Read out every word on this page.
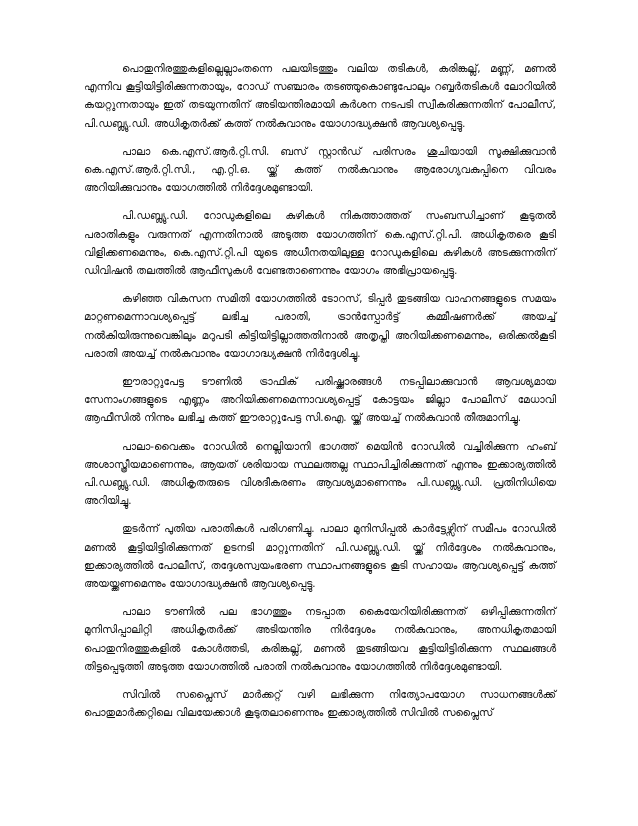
പൊതുനിരത്തുകളില്ലെല്ലാംതന്നെ പലയിടത്തും വലിയ തടികൾ, കരിങ്കല്ല്, മണ്ണ്, മണൽ എന്നിവ കൂട്ടിയിട്ടിരിക്കുന്നതായും, റോഡ് സഞ്ചാരം തടഞ്ഞുകൊണ്ടുപോലും റബ്ബർതടികൾ ലോറിയിൽ കയറ്റുന്നതായും ഇത് തടയുന്നതിന് അടിയന്തിരമായി കർശന നടപടി സ്വീകരിക്കുന്നതിന് പോലീസ്, പി.ഡബ്ല്യു.ഡി. അധികൃതർക്ക് കത്ത് നൽകുവാനും യോഗാദ്ധ്യക്ഷൻ ആവശ്യപ്പെട്ടു.

പാലാ കെ.എസ്.ആർ.റ്റി.സി. ബസ് സ്റ്റാൻഡ് പരിസരം ശുചിയായി സൂക്ഷിക്കുവാൻ കെ.എസ്.ആർ.റ്റി.സി., എ.റ്റി.ഒ. യ്ക്ക് കത്ത് നൽകുവാനും ആരോഗ്യവകുപ്പിനെ വിവരം അറിയിക്കുവാനും യോഗത്തിൽ നിർദ്ദേശമുണ്ടായി.

പി.ഡബ്ല്യു.ഡി. റോഡുകളിലെ കുഴികൾ നികത്താത്തത് സംബന്ധിച്ചാണ് കൂടുതൽ പരാതികളും വരുന്നത് എന്നതിനാൽ അടുത്ത യോഗത്തിന് കെ.എസ്.റ്റി.പി. അധികൃതരെ കൂടി വിളിക്കണമെന്നും, കെ.എസ്.റ്റി.പി യുടെ അധീനതയിലുള്ള റോഡുകളിലെ കുഴികൾ അടക്കുന്നതിന് ഡിവിഷൻ തലത്തിൽ ആഫീസുകൾ വേണ്ടതാണെന്നും യോഗം അഭിപ്രായപ്പെട്ടു.

കഴിഞ്ഞ വികസന സമിതി യോഗത്തിൽ ടോറസ്, ടിപ്പർ തുടങ്ങിയ വാഹനങ്ങളുടെ സമയം മാറ്റണമെന്നാവശ്യപ്പെട്ട് ലഭിച്ച പരാതി, ട്രാൻസ്പോർട്ട് കമ്മീഷണർക്ക് അയച്ച് നൽകിയിരുന്നുവെങ്കിലും മറുപടി കിട്ടിയിട്ടില്ലാത്തതിനാൽ അതൃപ്തി അറിയിക്കണമെന്നും, ഒരിക്കൽകൂടി പരാതി അയച്ച് നൽകുവാനും യോഗാദ്ധ്യക്ഷൻ നിർദ്ദേശിച്ചു.

ഈരാറ്റുപേട്ട ടൗണിൽ ട്രാഫിക് പരിഷ്ക്കാരങ്ങൾ നടപ്പിലാക്കുവാൻ ആവശ്യമായ സേനാംഗങ്ങളുടെ എണ്ണം അറിയിക്കണമെന്നാവശ്യപ്പെട്ട് കോട്ടയം ജില്ലാ പോലീസ് മേധാവി ആഫീസിൽ നിന്നും ലഭിച്ച കത്ത് ഈരാറ്റുപേട്ട സി.ഐ. യ്ക്ക് അയച്ച് നൽകുവാൻ തീരുമാനിച്ചു.

പാലാ-വൈക്കം റോഡിൽ നെല്ലിയാനി ഭാഗത്ത് മെയിൻ റോഡിൽ വച്ചിരിക്കുന്ന ഹംബ് അശാസ്ത്രീയമാണെന്നും, ആയത് ശരിയായ സ്ഥലത്തല്ല സ്ഥാപിച്ചിരിക്കുന്നത് എന്നും ഇക്കാര്യത്തിൽ പി.ഡബ്ല്യു.ഡി. അധികൃതരുടെ വിശദീകരണം ആവശ്യമാണെന്നും പി.ഡബ്ല്യു.ഡി. പ്രതിനിധിയെ അറിയിച്ചു.

തുടർന്ന് പുതിയ പരാതികൾ പരിഗണിച്ചു. പാലാ മുനിസിപ്പൽ കാർട്ടേഴ്സിന് സമീപം റോഡിൽ മണൽ കൂട്ടിയിട്ടിരിക്കുന്നത് ഉടനടി മാറ്റുന്നതിന് പി.ഡബ്ല്യു.ഡി. യ്ക്ക് നിർദ്ദേശം നൽകുവാനും, ഇക്കാര്യത്തിൽ പോലീസ്, തദ്ദേശസ്വയംഭരണ സ്ഥാപനങ്ങളുടെ കൂടി സഹായം ആവശ്യപ്പെട്ട് കത്ത് അയയ്ക്കണമെന്നും യോഗാദ്ധ്യക്ഷൻ ആവശ്യപ്പെട്ടു.

പാലാ ടൗണിൽ പല ഭാഗത്തും നടപ്പാത കൈയേറിയിരിക്കുന്നത് ഒഴിപ്പിക്കുന്നതിന് മുനിസിപ്പാലിറ്റി അധികൃതർക്ക് അടിയന്തിര നിർദ്ദേശം നൽകുവാനും, അനധികൃതമായി പൊതുനിരത്തുകളിൽ കോൾത്തടി, കരിങ്കല്ല്, മണൽ തുടങ്ങിയവ കൂട്ടിയിട്ടിരിക്കുന്ന സ്ഥലങ്ങൾ തിട്ടപ്പെടുത്തി അടുത്ത യോഗത്തിൽ പരാതി നൽകുവാനും യോഗത്തിൽ നിർദ്ദേശമുണ്ടായി.

സിവിൽ സപ്ലൈസ് മാർക്കറ്റ് വഴി ലഭിക്കുന്ന നിത്യോപയോഗ സാധനങ്ങൾക്ക് പൊതുമാർക്കറ്റിലെ വിലയേക്കാൾ കൂടുതലാണെന്നും ഇക്കാര്യത്തിൽ സിവിൽ സപ്ലൈസ്
